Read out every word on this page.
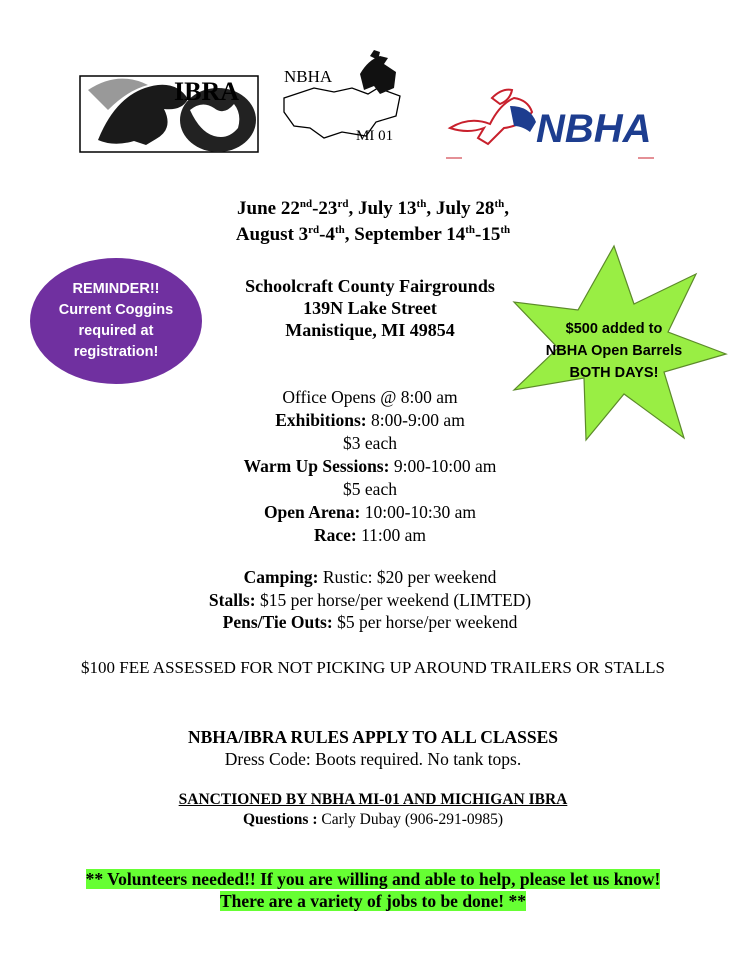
IBRA
NBHA
MI 01	NBHA
June 22nd-23rd, July 13th, July 28th,
August 3rd-4th, September 14th-15th
REMINDER!!
Current Coggins
required at
registration!
Schoolcraft County Fairgrounds
139N Lake Street
Manistique, MI 49854	$500 added to
NBHA Open Barrels
BOTH DAYS!
Office Opens @ 8:00 am
Exhibitions: 8:00-9:00 am
$3 each
Warm Up Sessions: 9:00-10:00 am
$5 each
Open Arena: 10:00-10:30 am
Race: 11:00 am
Camping: Rustic: $20 per weekend
Stalls: $15 per horse/per weekend (LIMTED)
Pens/Tie Outs: $5 per horse/per weekend
$100 FEE ASSESSED FOR NOT PICKING UP AROUND TRAILERS OR STALLS
NBHA/IBRA RULES APPLY TO ALL CLASSES
Dress Code: Boots required. No tank tops.
SANCTIONED BY NBHA MI-01 AND MICHIGAN IBRA
Questions : Carly Dubay (906-291-0985)
** Volunteers needed!! If you are willing and able to help, please let us know!
There are a variety of jobs to be done! **
